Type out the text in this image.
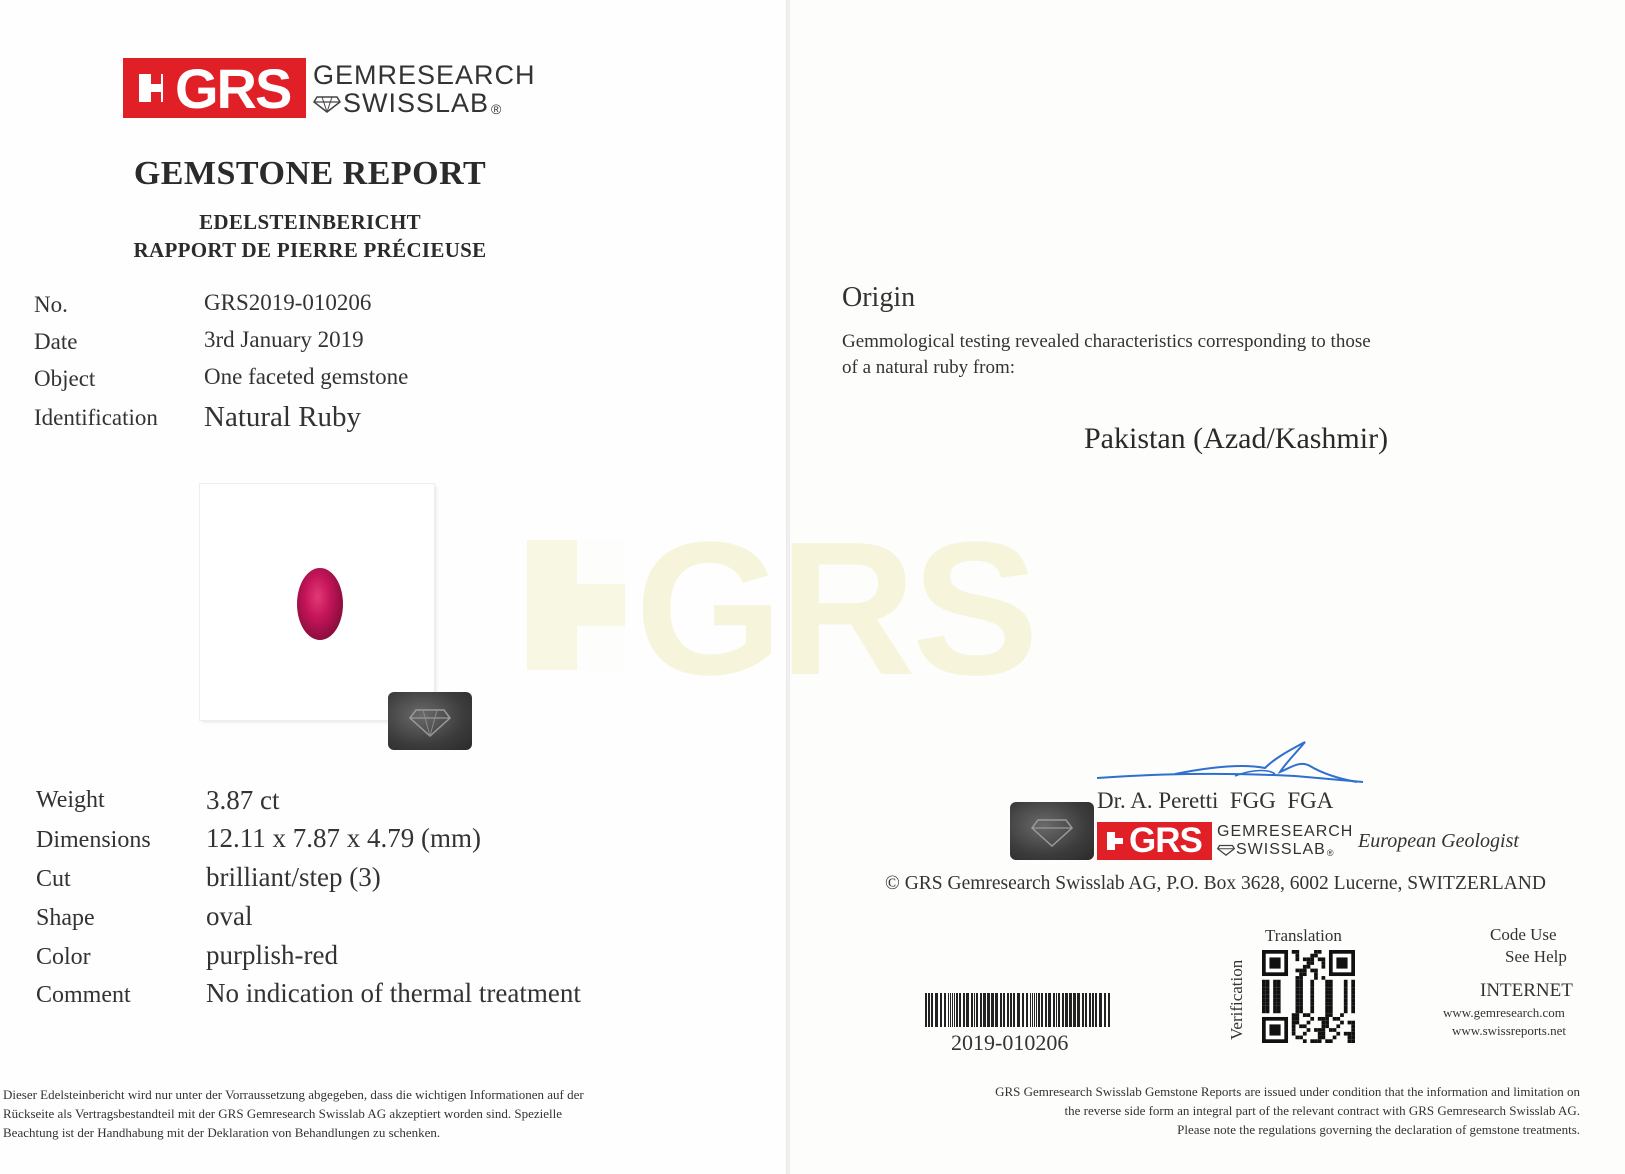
GRS GEMRESEARCH
SWISSLAB ®
GEMSTONE REPORT
EDELSTEINBERICHT
RAPPORT DE PIERRE PRÉCIEUSE
No.	GRS2019-010206
Date	3rd January 2019
Object	One faceted gemstone
Identification Natural Ruby
Weight	3.87 ct
Dimensions 12.11 x 7.87 x 4.79 (mm)
Cut	brilliant/step (3)
Shape	oval
Color	purplish-red
Comment	No indication of thermal treatment
Dieser Edelsteinbericht wird nur unter der Vorraussetzung abgegeben, dass die wichtigen Informationen auf der
Rückseite als Vertragsbestandteil mit der GRS Gemresearch Swisslab AG akzeptiert worden sind. Spezielle
Beachtung ist der Handhabung mit der Deklaration von Behandlungen zu schenken.
GRS
Origin
Gemmological testing revealed characteristics corresponding to those
of a natural ruby from:
Pakistan (Azad/Kashmir)
Dr. A. Peretti  FGG  FGA
GRS GEMRESEARCH
SWISSLAB ®
European Geologist
© GRS Gemresearch Swisslab AG, P.O. Box 3628, 6002 Lucerne, SWITZERLAND
2019-010206
Translation
Verification
Code Use
See Help
INTERNET
www.gemresearch.com
www.swissreports.net
GRS Gemresearch Swisslab Gemstone Reports are issued under condition that the information and limitation on
the reverse side form an integral part of the relevant contract with GRS Gemresearch Swisslab AG.
Please note the regulations governing the declaration of gemstone treatments.
